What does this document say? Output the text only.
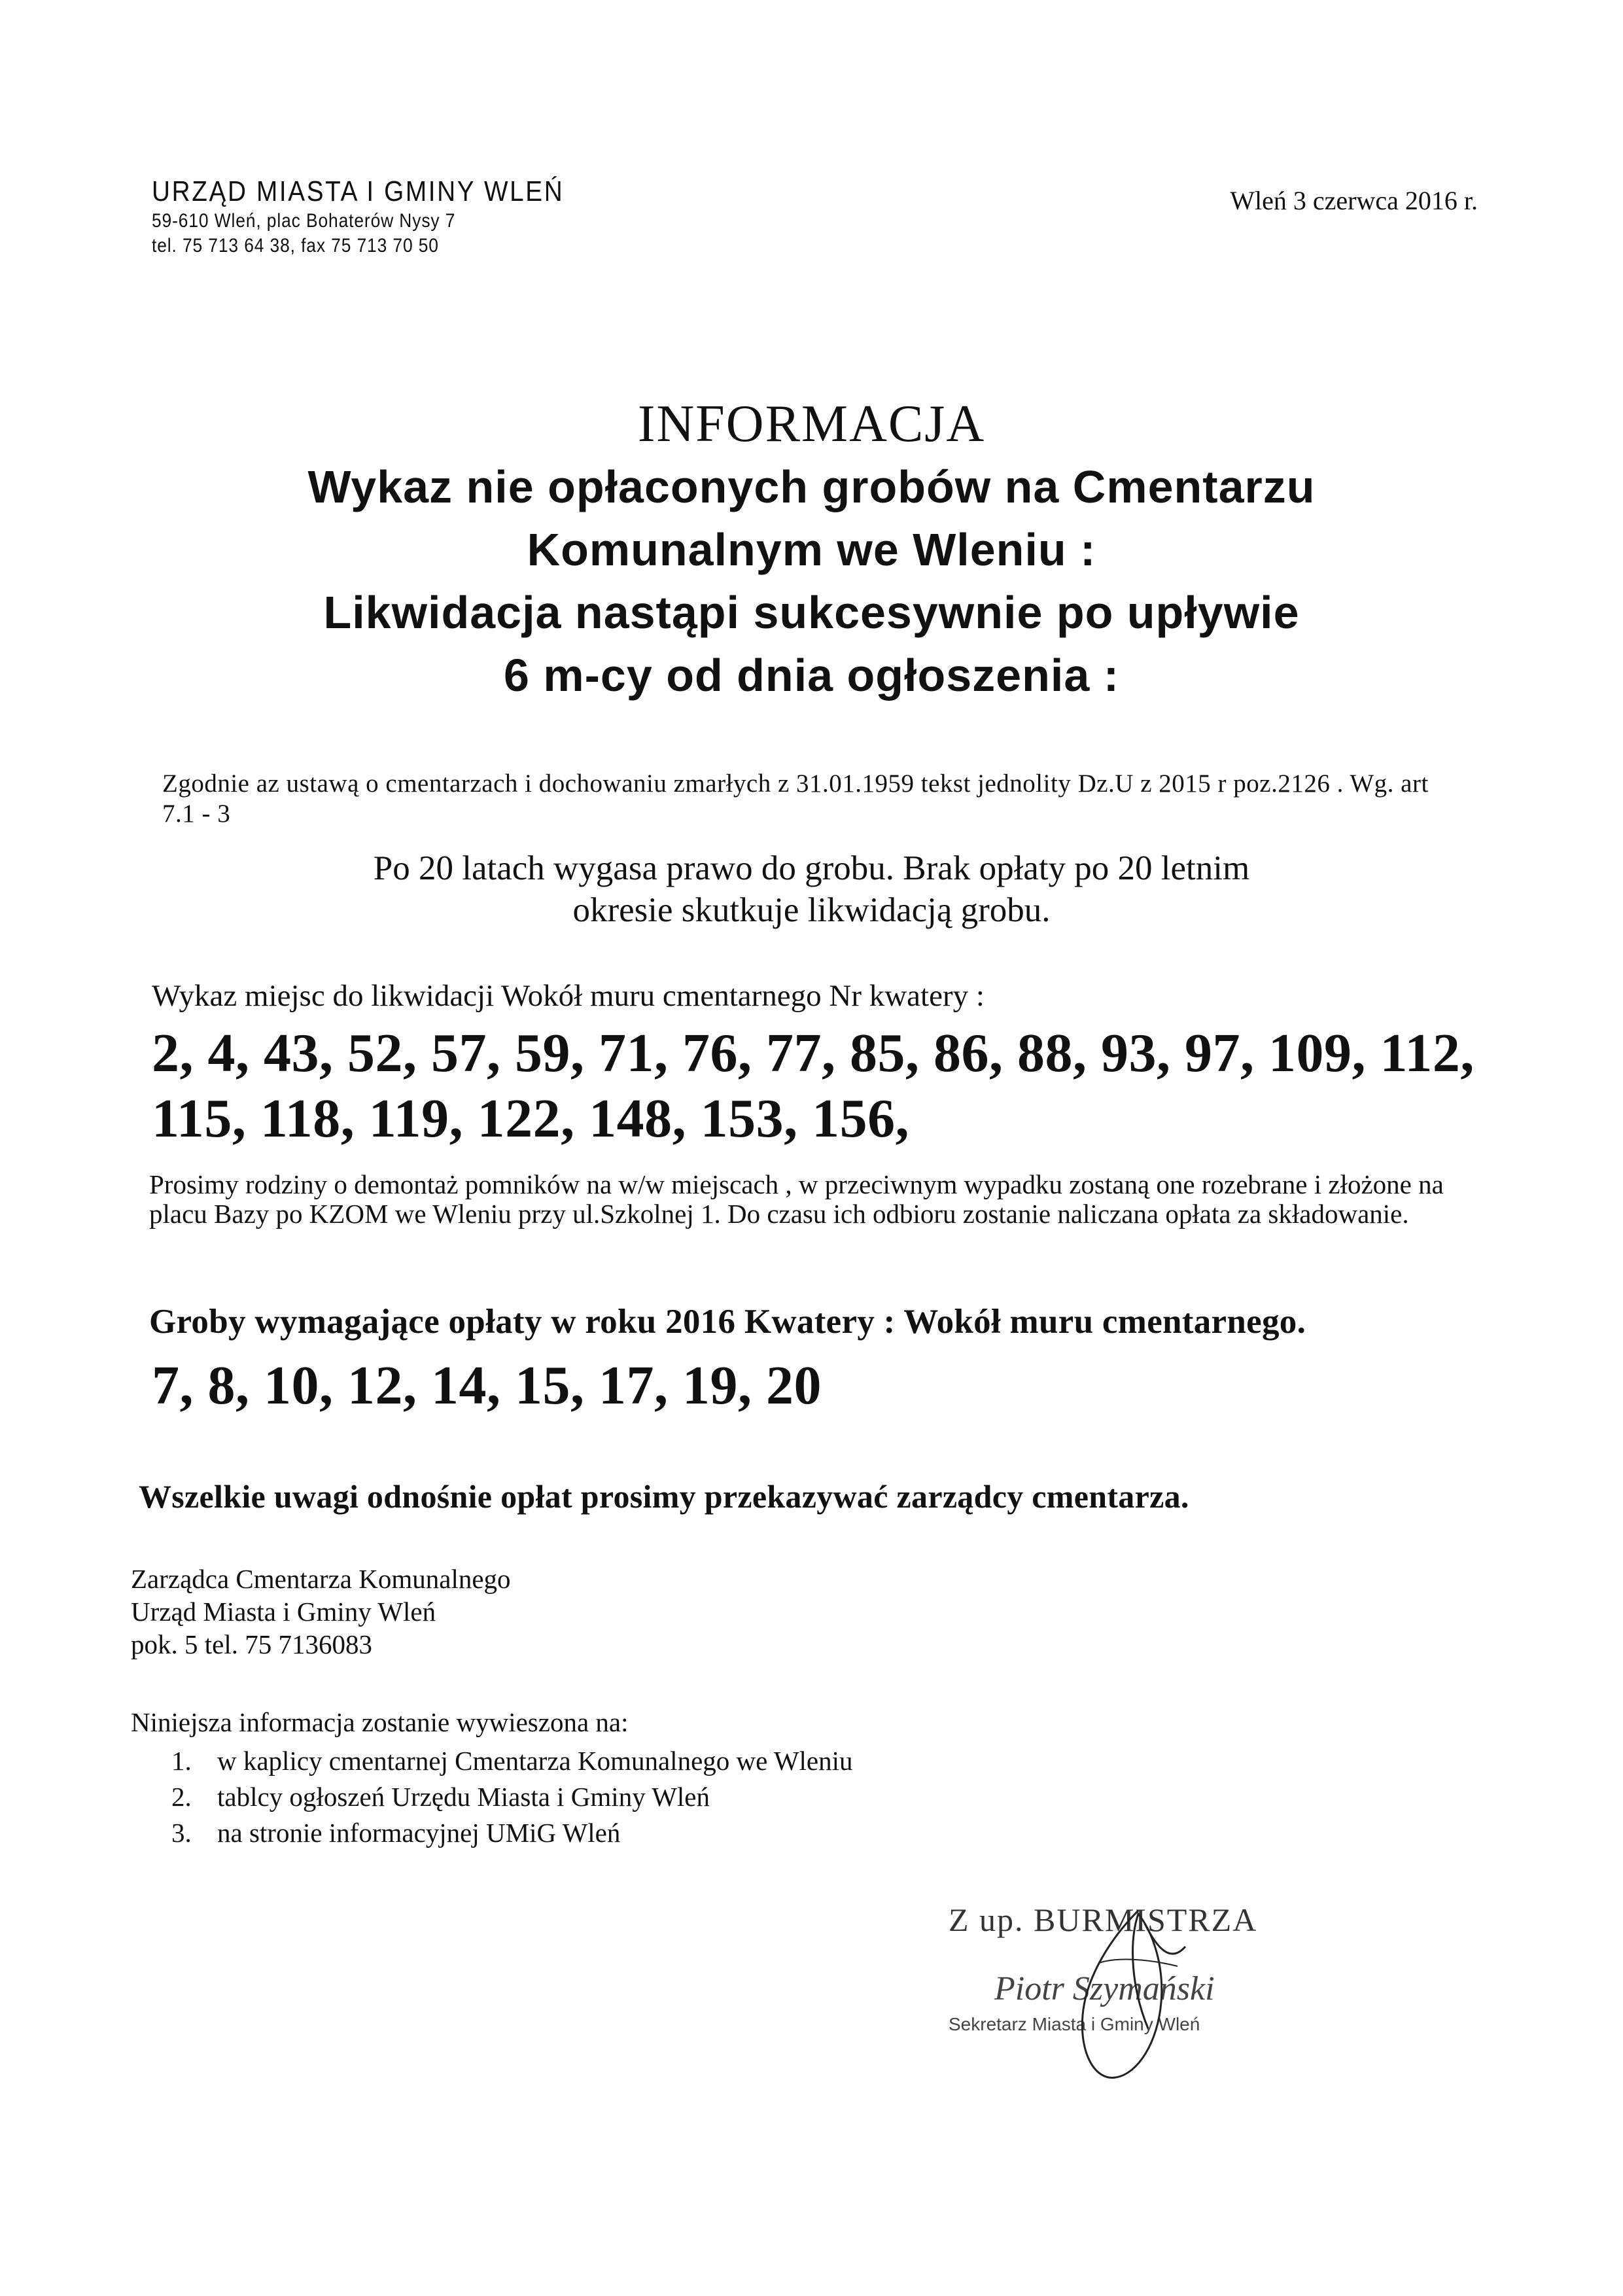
URZĄD MIASTA I GMINY WLEŃ
59-610 Wleń, plac Bohaterów Nysy 7
tel. 75 713 64 38, fax 75 713 70 50
Wleń 3 czerwca 2016 r.
INFORMACJA
Wykaz nie opłaconych grobów na Cmentarzu
Komunalnym we Wleniu :
Likwidacja nastąpi sukcesywnie po upływie
6 m-cy od dnia ogłoszenia :
Zgodnie az ustawą o cmentarzach i dochowaniu zmarłych z 31.01.1959 tekst jednolity Dz.U z 2015 r poz.2126 . Wg. art 7.1 - 3
Po 20 latach wygasa prawo do grobu. Brak opłaty po 20 letnim
okresie skutkuje likwidacją grobu.
Wykaz miejsc do likwidacji Wokół muru cmentarnego Nr kwatery :
2, 4, 43, 52, 57, 59, 71, 76, 77, 85, 86, 88, 93, 97, 109, 112,
115, 118, 119, 122, 148, 153, 156,
Prosimy rodziny o demontaż pomników na w/w miejscach , w przeciwnym wypadku zostaną one rozebrane i złożone na placu Bazy po KZOM we Wleniu przy ul.Szkolnej 1. Do czasu ich odbioru zostanie naliczana opłata za składowanie.
Groby wymagające opłaty w roku 2016 Kwatery : Wokół muru cmentarnego.
7, 8, 10, 12, 14, 15, 17, 19, 20
Wszelkie uwagi odnośnie opłat prosimy przekazywać zarządcy cmentarza.
Zarządca Cmentarza Komunalnego
Urząd Miasta i Gminy Wleń
pok. 5 tel. 75 7136083
Niniejsza informacja zostanie wywieszona na:
1. w kaplicy cmentarnej Cmentarza Komunalnego we Wleniu
2. tablcy ogłoszeń Urzędu Miasta i Gminy Wleń
3. na stronie informacyjnej UMiG Wleń
Z up. BURMISTRZA
Piotr Szymański
Sekretarz Miasta i Gminy Wleń
